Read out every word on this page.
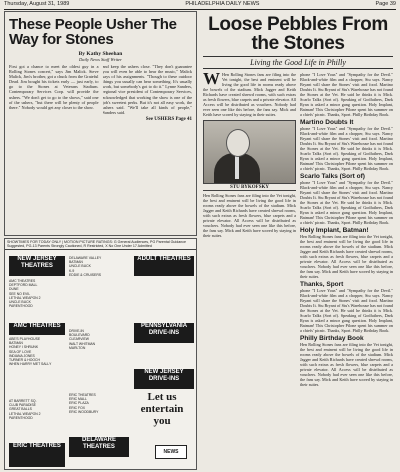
Thursday, August 31, 1989	PHILADELPHIA DAILY NEWS	Page 39
These People Usher The Way for Stones
By Kathy Sheehan
Daily News Staff Writer
First got a chance to meet the oldest guy in a Rolling Stones concert," says Jim Malick. Steve Malick, Jim's brother, got a chuck from the Grateful Dead. Jim bought his tickets early — just early, to go to the Stones at Veterans Stadium. Contemporary Services Corp. will provide the ushers. "We don't get to go to the shows," said one of the ushers, "but there will be plenty of people there." Nobody would get any closer to the show.
and keep the ushers close. "They don't guarantee you will even be able to hear the music," Malick says of his assignments. "Though to these outdoor things you usually can hear something. It's usually work, but somebody's got to do it." Lynne Sanders, regional vice president of Contemporary Services, acknowledged that working the show is one of the job's sweetest perks. But it's not all easy work, the ushers said. "We'll take all kinds of people," Sanders said.
See USHERS Page 41
Loose Pebbles From the Stones
Living the Good Life in Philly
W Hen Rolling Stones fans are filing into the Vet tonight, the best and eminent will be living the good life in rooms ready above the bowels of the stadium. Mick Jagger and Keith Richards have created shrewd rooms, with such extras as fresh flowers, blue carpets and a private elevator. All Access will be distributed as vouchers. Nobody had ever seen one like this before, the fans say. Mick and Keith have scored by staying in their suites.
STU BYKOFSKY
Hen Rolling Stones fans are filing into the Vet tonight, the best and eminent will be living the good life in rooms ready above the bowels of the stadium. Mick Jagger and Keith Richards have created shrewd rooms, with such extras as fresh flowers, blue carpets and a private elevator. All Access will be distributed as vouchers. Nobody had ever seen one like this before, the fans say. Mick and Keith have scored by staying in their suites.
phone "I Love Yous" and "Sympathy for the Devil." Black-and-white film and a chopper, Stu says. Nancy Bryant will share the Stones' visit and food. Martino Doubts It. Stu Bryant of Stu's Warehouse has not found the Stones at the Vet. He said he thinks it is Mick. Scarlo Talks (Sort of). Speaking of Godfathers, Dark Ryan is asked a minor gang question. Holy Implant, Batman! This Christopher Pilone spent his summer on a chiefs' picnic. Thanks, Sport. Philly Birthday Book.
Martino Doubts It
phone "I Love Yous" and "Sympathy for the Devil." Black-and-white film and a chopper, Stu says. Nancy Bryant will share the Stones' visit and food. Martino Doubts It. Stu Bryant of Stu's Warehouse has not found the Stones at the Vet. He said he thinks it is Mick. Scarlo Talks (Sort of). Speaking of Godfathers, Dark Ryan is asked a minor gang question. Holy Implant, Batman! This Christopher Pilone spent his summer on a chiefs' picnic. Thanks, Sport. Philly Birthday Book.
Scarlo Talks (Sort of)
phone "I Love Yous" and "Sympathy for the Devil." Black-and-white film and a chopper, Stu says. Nancy Bryant will share the Stones' visit and food. Martino Doubts It. Stu Bryant of Stu's Warehouse has not found the Stones at the Vet. He said he thinks it is Mick. Scarlo Talks (Sort of). Speaking of Godfathers, Dark Ryan is asked a minor gang question. Holy Implant, Batman! This Christopher Pilone spent his summer on a chiefs' picnic. Thanks, Sport. Philly Birthday Book.
Holy Implant, Batman!
Hen Rolling Stones fans are filing into the Vet tonight, the best and eminent will be living the good life in rooms ready above the bowels of the stadium. Mick Jagger and Keith Richards have created shrewd rooms, with such extras as fresh flowers, blue carpets and a private elevator. All Access will be distributed as vouchers. Nobody had ever seen one like this before, the fans say. Mick and Keith have scored by staying in their suites.
Thanks, Sport
phone "I Love Yous" and "Sympathy for the Devil." Black-and-white film and a chopper, Stu says. Nancy Bryant will share the Stones' visit and food. Martino Doubts It. Stu Bryant of Stu's Warehouse has not found the Stones at the Vet. He said he thinks it is Mick. Scarlo Talks (Sort of). Speaking of Godfathers, Dark Ryan is asked a minor gang question. Holy Implant, Batman! This Christopher Pilone spent his summer on a chiefs' picnic. Thanks, Sport. Philly Birthday Book.
Philly Birthday Book
Hen Rolling Stones fans are filing into the Vet tonight, the best and eminent will be living the good life in rooms ready above the bowels of the stadium. Mick Jagger and Keith Richards have created shrewd rooms, with such extras as fresh flowers, blue carpets and a private elevator. All Access will be distributed as vouchers. Nobody had ever seen one like this before, the fans say. Mick and Keith have scored by staying in their suites.
SHOWTIMES FOR TODAY ONLY | MOTION PICTURE RATINGS: G General Audiences, PG Parental Guidance Suggested, PG-13 Parents Strongly Cautioned, R Restricted, X No One Under 17 Admitted
NEW JERSEY THEATRES
AMC THEATRES
DEPTFORD MALL
DUNE
SEE NO EVIL
LETHAL WEAPON 2
UNCLE BUCK
PARENTHOOD
AMC THEATRES
ABE'S PLAYHOUSE
BATMAN
HONEY I SHRUNK
SEA OF LOVE
INDIANA JONES
TURNER & HOOCH
WHEN HARRY MET SALLY
AT BARRETT SQ.
CLUB PARADISE
GREAT BALLS
LETHAL WEAPON 2
PARENTHOOD
ERIC THEATRES
DELAWARE VALLEY
BATMAN
UNCLE BUCK
K-9
EDDIE & CRUISERS
DRIVE-IN
BOULEVARD
CLEARVIEW
WALT WHITMAN
MARLTON
ERIC THEATRES
ERIC MALL
ERIC PLAZA
ERIC FOX
ERIC WOODBURY
ADULT THEATRES
PENNSYLVANIA DRIVE-INS
NEW JERSEY DRIVE-INS
DELAWARE THEATRES
Let us entertain you
NEWS
